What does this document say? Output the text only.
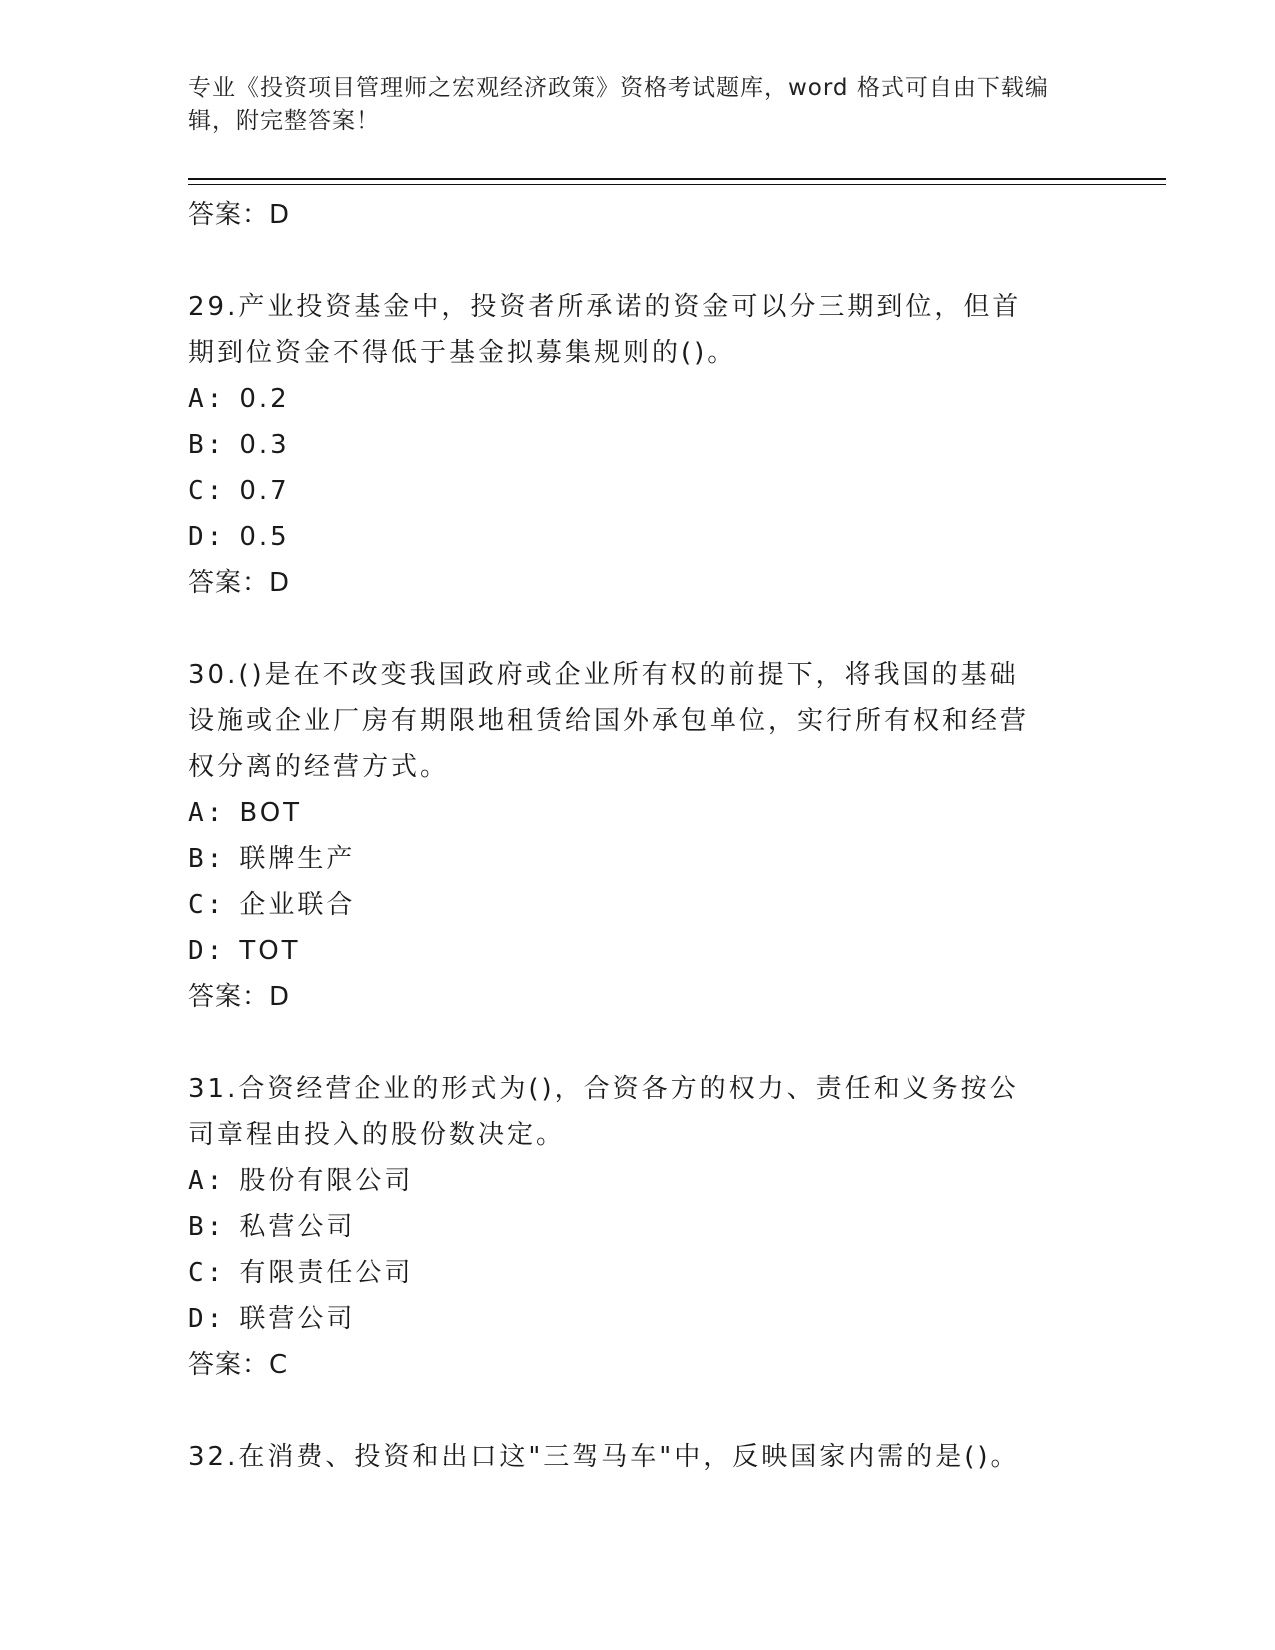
专业《投资项目管理师之宏观经济政策》资格考试题库，word 格式可自由下载编辑，附完整答案！
答案：D
29.产业投资基金中，投资者所承诺的资金可以分三期到位，但首期到位资金不得低于基金拟募集规则的()。
A: 0.2
B: 0.3
C: 0.7
D: 0.5
答案：D
30.()是在不改变我国政府或企业所有权的前提下，将我国的基础设施或企业厂房有期限地租赁给国外承包单位，实行所有权和经营权分离的经营方式。
A: BOT
B: 联牌生产
C: 企业联合
D: TOT
答案：D
31.合资经营企业的形式为()，合资各方的权力、责任和义务按公司章程由投入的股份数决定。
A: 股份有限公司
B: 私营公司
C: 有限责任公司
D: 联营公司
答案：C
32.在消费、投资和出口这"三驾马车"中，反映国家内需的是()。
